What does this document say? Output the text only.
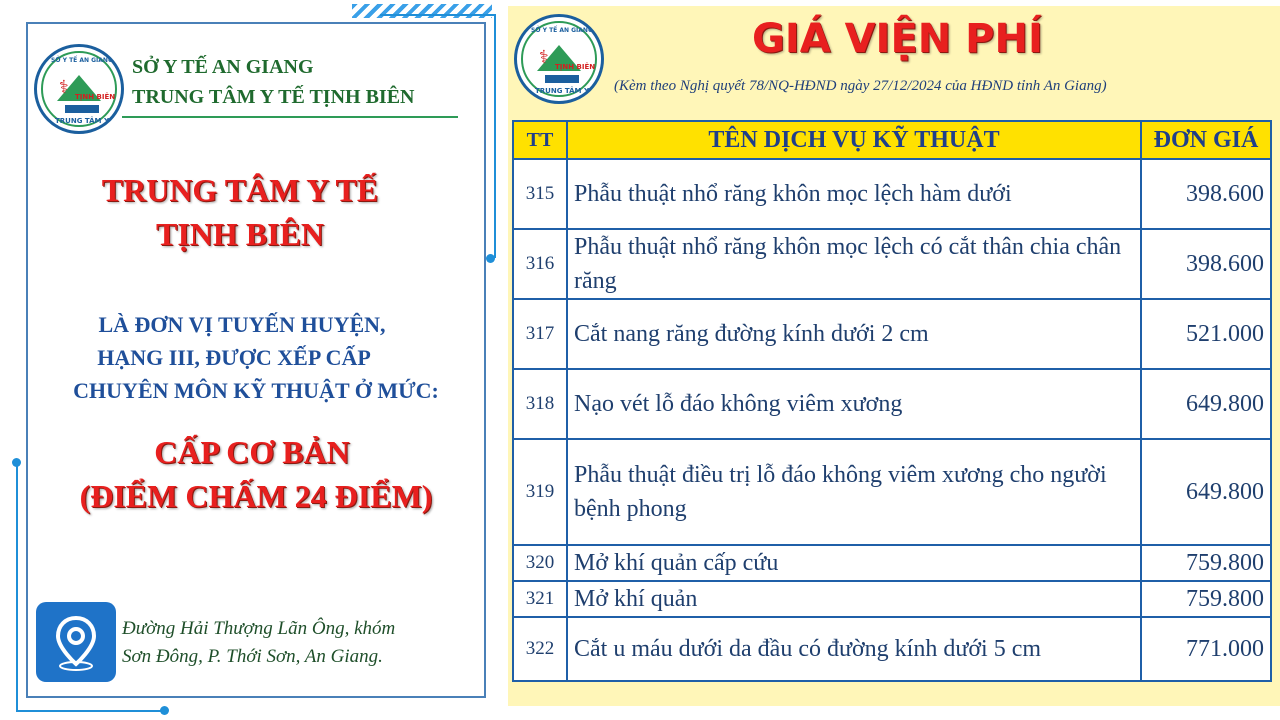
⚕
SỞ Y TẾ AN GIANG
TỊNH BIÊN
TRUNG TÂM Y TẾ
SỞ Y TẾ AN GIANG
TRUNG TÂM Y TẾ TỊNH BIÊN
TRUNG TÂM Y TẾ
TỊNH BIÊN
LÀ ĐƠN VỊ TUYẾN HUYỆN,
HẠNG III, ĐƯỢC XẾP CẤP
CHUYÊN MÔN KỸ THUẬT Ở MỨC:
CẤP CƠ BẢN
(ĐIỂM CHẤM 24 ĐIỂM)
Đường Hải Thượng Lãn Ông, khóm
Sơn Đông, P. Thới Sơn, An Giang.
⚕
SỞ Y TẾ AN GIANG
TỊNH BIÊN
TRUNG TÂM Y TẾ
GIÁ VIỆN PHÍ
(Kèm theo Nghị quyết 78/NQ-HĐND ngày 27/12/2024 của HĐND tỉnh An Giang)
TT	TÊN DỊCH VỤ KỸ THUẬT	ĐƠN GIÁ
315	Phẫu thuật nhổ răng khôn mọc lệch hàm dưới	398.600
316	Phẫu thuật nhổ răng khôn mọc lệch có cắt thân chia chân răng	398.600
317	Cắt nang răng đường kính dưới 2 cm	521.000
318	Nạo vét lỗ đáo không viêm xương	649.800
319	Phẫu thuật điều trị lỗ đáo không viêm xương cho người bệnh phong	649.800
320	Mở khí quản cấp cứu	759.800
321	Mở khí quản	759.800
322	Cắt u máu dưới da đầu có đường kính dưới 5 cm	771.000
